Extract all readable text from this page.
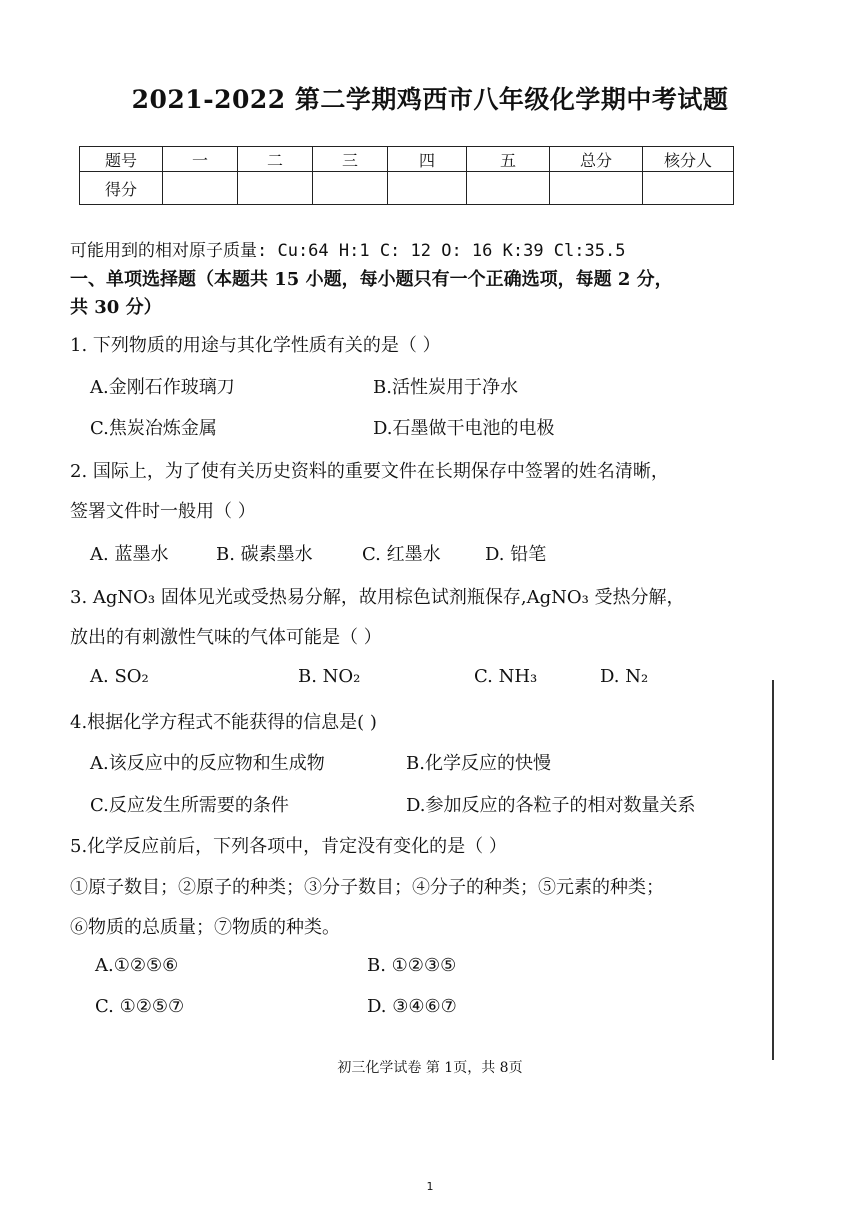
2021-2022 第二学期鸡西市八年级化学期中考试题
题号	一	二	三	四	五	总分	核分人
得分							
可能用到的相对原子质量: Cu:64 H:1 C: 12 O: 16 K:39 Cl:35.5
一、单项选择题（本题共 15 小题，每小题只有一个正确选项，每题 2 分，
共 30 分）
1. 下列物质的用途与其化学性质有关的是（ ）
A.金刚石作玻璃刀	B.活性炭用于净水
C.焦炭冶炼金属	D.石墨做干电池的电极
2. 国际上，为了使有关历史资料的重要文件在长期保存中签署的姓名清晰，
签署文件时一般用（ ）
A. 蓝墨水	B. 碳素墨水	C. 红墨水 D. 铅笔
3. AgNO₃ 固体见光或受热易分解，故用棕色试剂瓶保存,AgNO₃ 受热分解，
放出的有刺激性气味的气体可能是（ ）
A. SO₂	B. NO₂	C. NH₃	D. N₂
4.根据化学方程式不能获得的信息是( )
A.该反应中的反应物和生成物	B.化学反应的快慢
C.反应发生所需要的条件	D.参加反应的各粒子的相对数量关系
5.化学反应前后，下列各项中，肯定没有变化的是（ ）
①原子数目；②原子的种类；③分子数目；④分子的种类；⑤元素的种类；
⑥物质的总质量；⑦物质的种类。
A.①②⑤⑥	B. ①②③⑤
C. ①②⑤⑦	D. ③④⑥⑦
初三化学试卷 第 1页，共 8页
1
